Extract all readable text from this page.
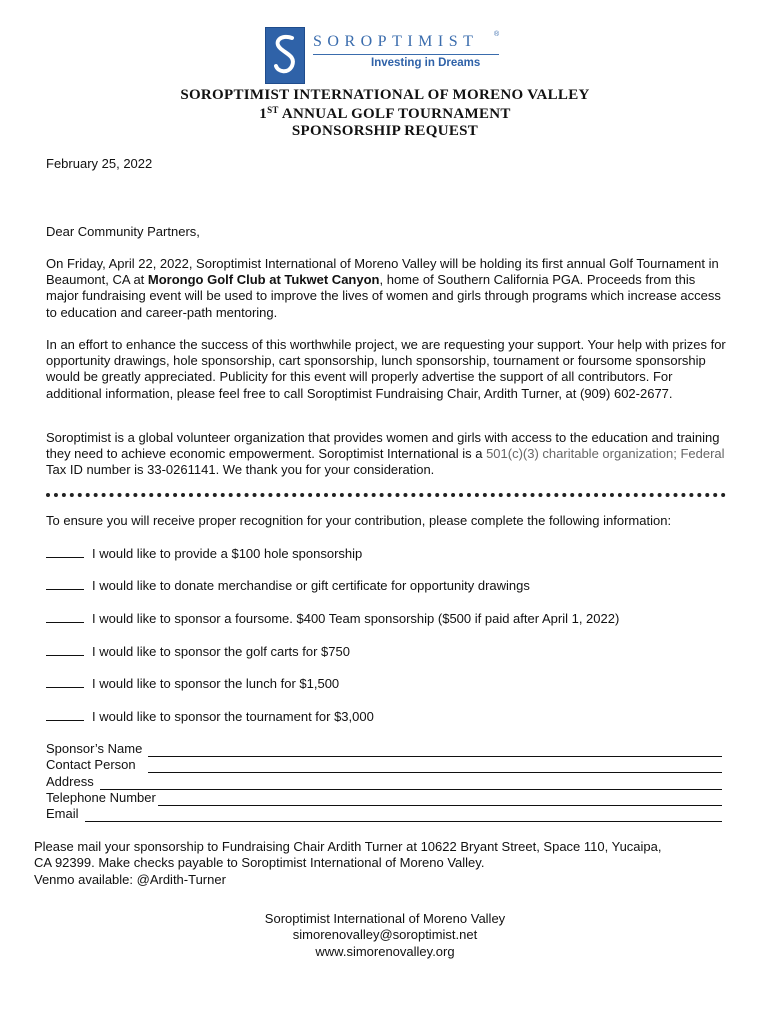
SOROPTIMIST ®
Investing in Dreams
SOROPTIMIST INTERNATIONAL OF MORENO VALLEY
1ST ANNUAL GOLF TOURNAMENT
SPONSORSHIP REQUEST
February 25, 2022
Dear Community Partners,
On Friday, April 22, 2022, Soroptimist International of Moreno Valley will be holding its first annual Golf Tournament in Beaumont, CA at Morongo Golf Club at Tukwet Canyon, home of Southern California PGA. Proceeds from this major fundraising event will be used to improve the lives of women and girls through programs which increase access to education and career-path mentoring.
In an effort to enhance the success of this worthwhile project, we are requesting your support. Your help with prizes for opportunity drawings, hole sponsorship, cart sponsorship, lunch sponsorship, tournament or foursome sponsorship would be greatly appreciated. Publicity for this event will properly advertise the support of all contributors. For additional information, please feel free to call Soroptimist Fundraising Chair, Ardith Turner, at (909) 602-2677.
Soroptimist is a global volunteer organization that provides women and girls with access to the education and training they need to achieve economic empowerment. Soroptimist International is a 501(c)(3) charitable organization; Federal Tax ID number is 33-0261141. We thank you for your consideration.
To ensure you will receive proper recognition for your contribution, please complete the following information:
I would like to provide a $100 hole sponsorship
I would like to donate merchandise or gift certificate for opportunity drawings
I would like to sponsor a foursome. $400 Team sponsorship ($500 if paid after April 1, 2022)
I would like to sponsor the golf carts for $750
I would like to sponsor the lunch for $1,500
I would like to sponsor the tournament for $3,000
Sponsor’s Name
Contact Person
Address
Telephone Number
Email
Please mail your sponsorship to Fundraising Chair Ardith Turner at 10622 Bryant Street, Space 110, Yucaipa,
CA 92399. Make checks payable to Soroptimist International of Moreno Valley.
Venmo available: @Ardith-Turner
Soroptimist International of Moreno Valley
simorenovalley@soroptimist.net
www.simorenovalley.org
